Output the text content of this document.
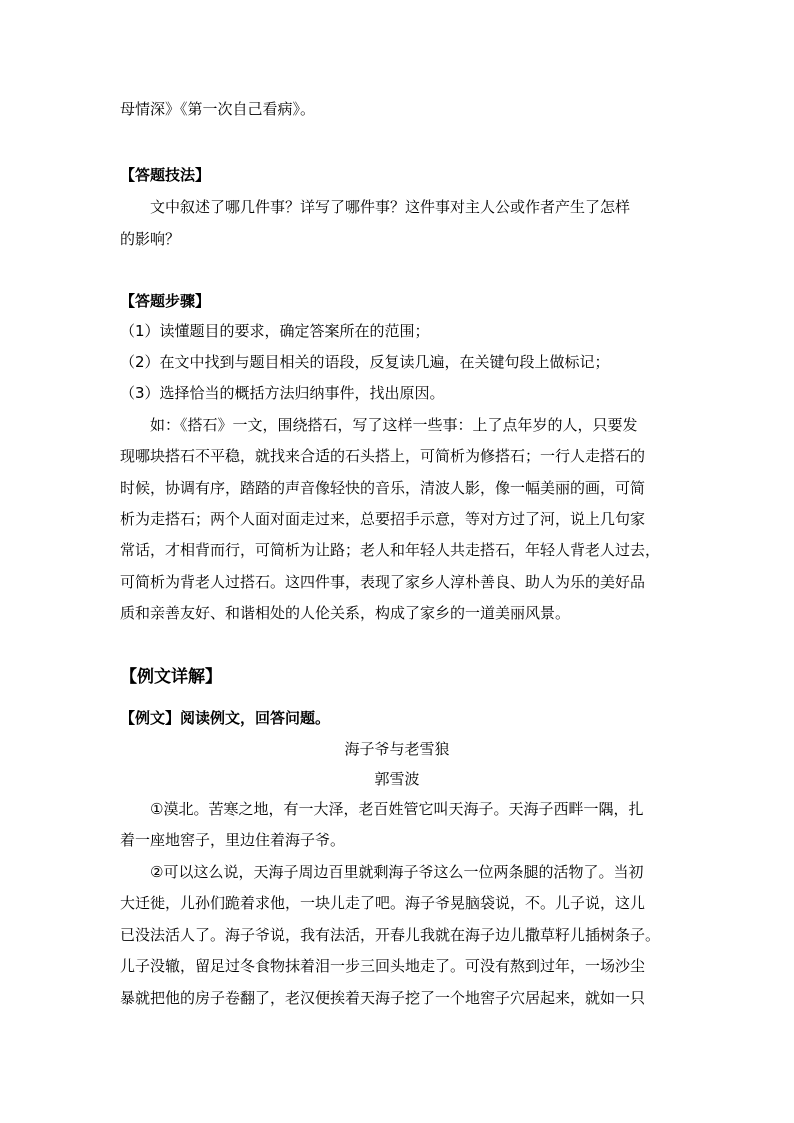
母情深》《第一次自己看病》。

【答题技法】

文中叙述了哪几件事？详写了哪件事？这件事对主人公或作者产生了怎样

的影响？

【答题步骤】

（1）读懂题目的要求，确定答案所在的范围；

（2）在文中找到与题目相关的语段，反复读几遍，在关键句段上做标记；

（3）选择恰当的概括方法归纳事件，找出原因。

如：《搭石》一文，围绕搭石，写了这样一些事：上了点年岁的人，只要发

现哪块搭石不平稳，就找来合适的石头搭上，可简析为修搭石；一行人走搭石的

时候，协调有序，踏踏的声音像轻快的音乐，清波人影，像一幅美丽的画，可简

析为走搭石；两个人面对面走过来，总要招手示意，等对方过了河，说上几句家

常话，才相背而行，可简析为让路；老人和年轻人共走搭石，年轻人背老人过去，

可简析为背老人过搭石。这四件事，表现了家乡人淳朴善良、助人为乐的美好品

质和亲善友好、和谐相处的人伦关系，构成了家乡的一道美丽风景。

【例文详解】

【例文】阅读例文，回答问题。

海子爷与老雪狼

郭雪波

①漠北。苦寒之地，有一大泽，老百姓管它叫天海子。天海子西畔一隅，扎

着一座地窖子，里边住着海子爷。

②可以这么说，天海子周边百里就剩海子爷这么一位两条腿的活物了。当初

大迁徙，儿孙们跪着求他，一块儿走了吧。海子爷晃脑袋说，不。儿子说，这儿

已没法活人了。海子爷说，我有法活，开春儿我就在海子边儿撒草籽儿插树条子。

儿子没辙，留足过冬食物抹着泪一步三回头地走了。可没有熬到过年，一场沙尘

暴就把他的房子卷翻了，老汉便挨着天海子挖了一个地窖子穴居起来，就如一只
